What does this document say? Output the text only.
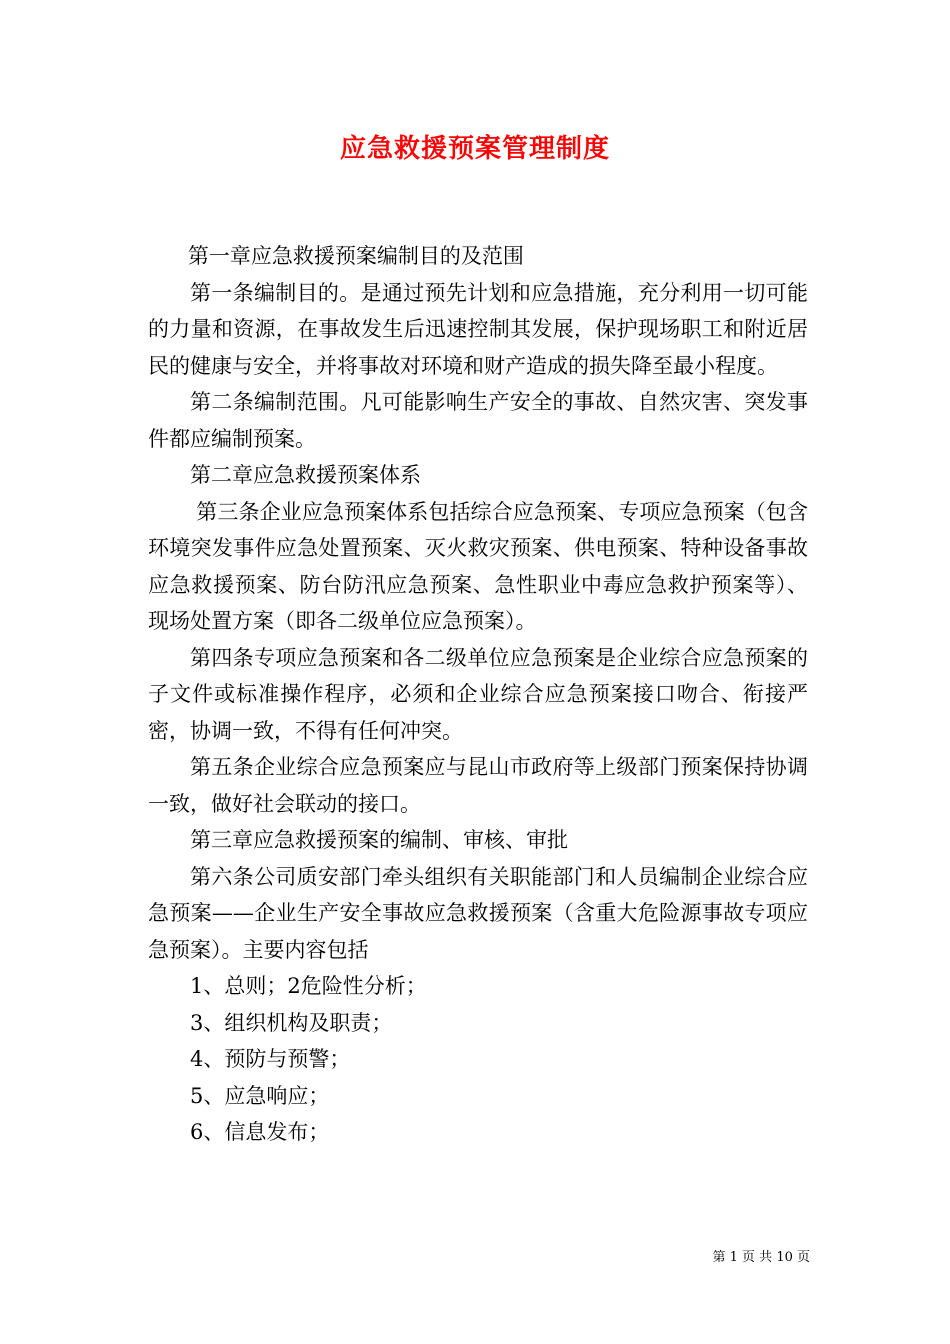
应急救援预案管理制度

第一章应急救援预案编制目的及范围

第一条编制目的。是通过预先计划和应急措施，充分利用一切可能的力量和资源，在事故发生后迅速控制其发展，保护现场职工和附近居民的健康与安全，并将事故对环境和财产造成的损失降至最小程度。

第二条编制范围。凡可能影响生产安全的事故、自然灾害、突发事件都应编制预案。

第二章应急救援预案体系

第三条企业应急预案体系包括综合应急预案、专项应急预案（包含环境突发事件应急处置预案、灭火救灾预案、供电预案、特种设备事故应急救援预案、防台防汛应急预案、急性职业中毒应急救护预案等）、现场处置方案（即各二级单位应急预案）。

第四条专项应急预案和各二级单位应急预案是企业综合应急预案的子文件或标准操作程序，必须和企业综合应急预案接口吻合、衔接严密，协调一致，不得有任何冲突。

第五条企业综合应急预案应与昆山市政府等上级部门预案保持协调一致，做好社会联动的接口。

第三章应急救援预案的编制、审核、审批

第六条公司质安部门牵头组织有关职能部门和人员编制企业综合应急预案——企业生产安全事故应急救援预案（含重大危险源事故专项应急预案）。主要内容包括

1、总则；2危险性分析；

3、组织机构及职责；

4、预防与预警；

5、应急响应；

6、信息发布；

第 1 页 共 10 页
